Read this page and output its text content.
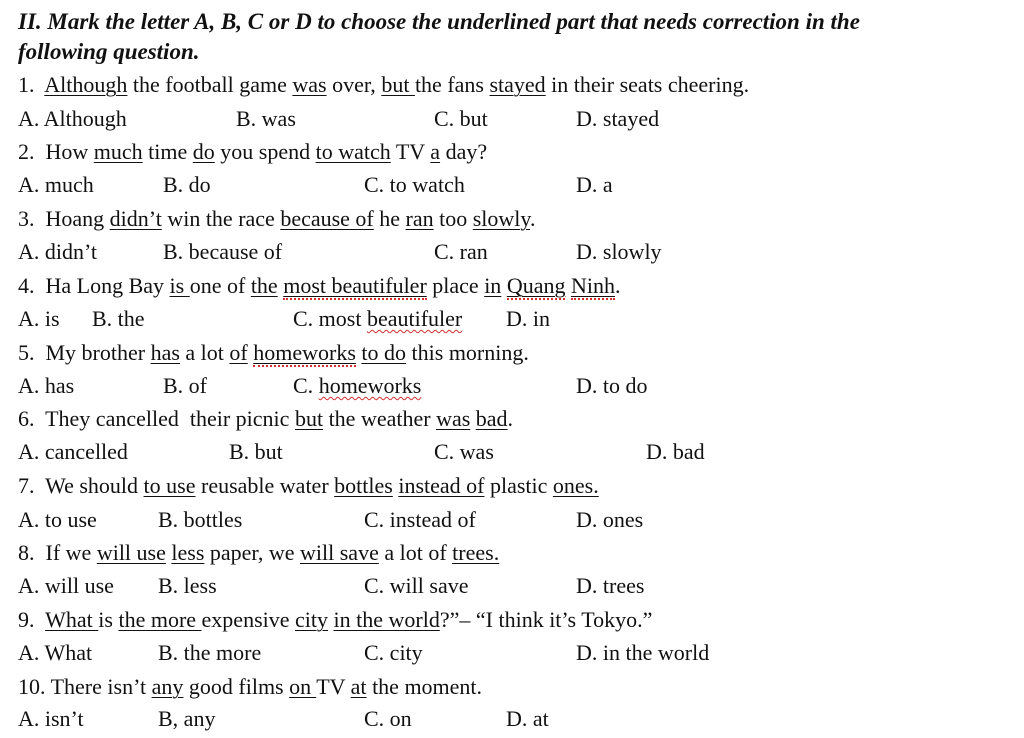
II. Mark the letter A, B, C or D to choose the underlined part that needs correction in the
following question.
1.  Although the football game was over, but the fans stayed in their seats cheering.
A. Although	B. was	C. but	D. stayed
2.  How much time do you spend to watch TV a day?
A. much	B. do	C. to watch	D. a
3.  Hoang didn’t win the race because of he ran too slowly.
A. didn’t	B. because of	C. ran	D. slowly
4.  Ha Long Bay is one of the most beautifuler place in Quang Ninh.
A. is B. the	C. most beautifuler D. in
5.  My brother has a lot of homeworks to do this morning.
A. has	B. of	C. homeworks	D. to do
6.  They cancelled  their picnic but the weather was bad.
A. cancelled	B. but	C. was	D. bad
7.  We should to use reusable water bottles instead of plastic ones.
A. to use	B. bottles	C. instead of	D. ones
8.  If we will use less paper, we will save a lot of trees.
A. will use B. less	C. will save	D. trees
9.  What is the more expensive city in the world?”– “I think it’s Tokyo.”
A. What	B. the more	C. city	D. in the world
10. There isn’t any good films on TV at the moment.
A. isn’t	B, any	C. on	D. at
